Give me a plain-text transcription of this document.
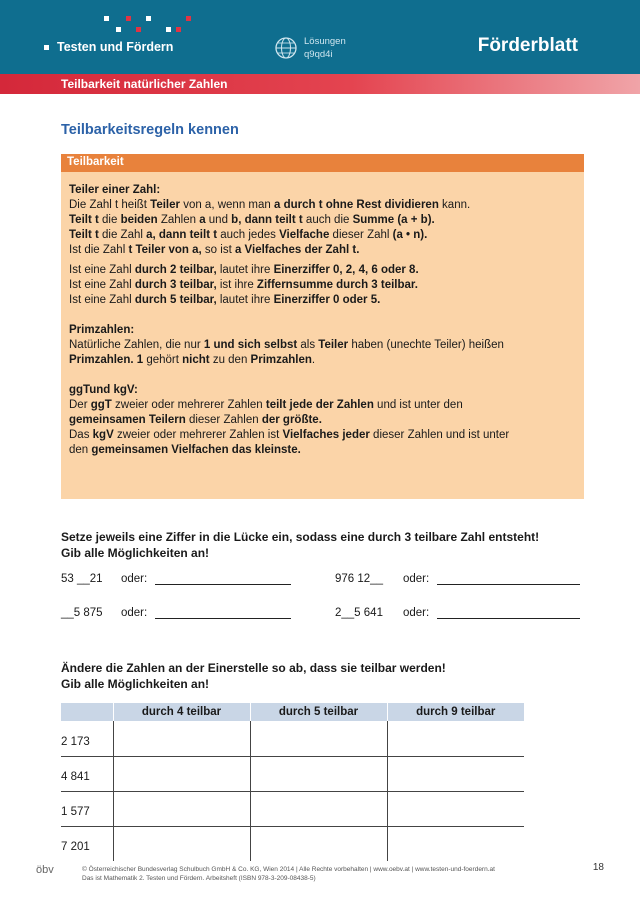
Testen und Fördern	Lösungen
q9qd4i	Förderblatt
Teilbarkeit natürlicher Zahlen
Teilbarkeitsregeln kennen
Teilbarkeit

Teiler einer Zahl:

Die Zahl t heißt Teiler von a, wenn man a durch t ohne Rest dividieren kann.

Teilt t die beiden Zahlen a und b, dann teilt t auch die Summe (a + b).

Teilt t die Zahl a, dann teilt t auch jedes Vielfache dieser Zahl (a • n).

Ist die Zahl t Teiler von a, so ist a Vielfaches der Zahl t.

Ist eine Zahl durch 2 teilbar, lautet ihre Einerziffer 0, 2, 4, 6 oder 8.

Ist eine Zahl durch 3 teilbar, ist ihre Ziffernsumme durch 3 teilbar.

Ist eine Zahl durch 5 teilbar, lautet ihre Einerziffer 0 oder 5.

Primzahlen:

Natürliche Zahlen, die nur 1 und sich selbst als Teiler haben (unechte Teiler) heißen

Primzahlen. 1 gehört nicht zu den Primzahlen.

ggTund kgV:

Der ggT zweier oder mehrerer Zahlen teilt jede der Zahlen und ist unter den

gemeinsamen Teilern dieser Zahlen der größte.

Das kgV zweier oder mehrerer Zahlen ist Vielfaches jeder dieser Zahlen und ist unter

den gemeinsamen Vielfachen das kleinste.

Setze jeweils eine Ziffer in die Lücke ein, sodass eine durch 3 teilbare Zahl entsteht!
Gib alle Möglichkeiten an!
53 __21 oder:	976 12__ oder:
__5 875 oder:	2__5 641 oder:
Ändere die Zahlen an der Einerstelle so ab, dass sie teilbar werden!
Gib alle Möglichkeiten an!
	durch 4 teilbar	durch 5 teilbar	durch 9 teilbar
2 173			
4 841			
1 577			
7 201			
öbv	© Österreichischer Bundesverlag Schulbuch GmbH & Co. KG, Wien 2014 | Alle Rechte vorbehalten | www.oebv.at | www.testen-und-foerdern.at
Das ist Mathematik 2. Testen und Fördern. Arbeitsheft (ISBN 978-3-209-08438-5)
18
